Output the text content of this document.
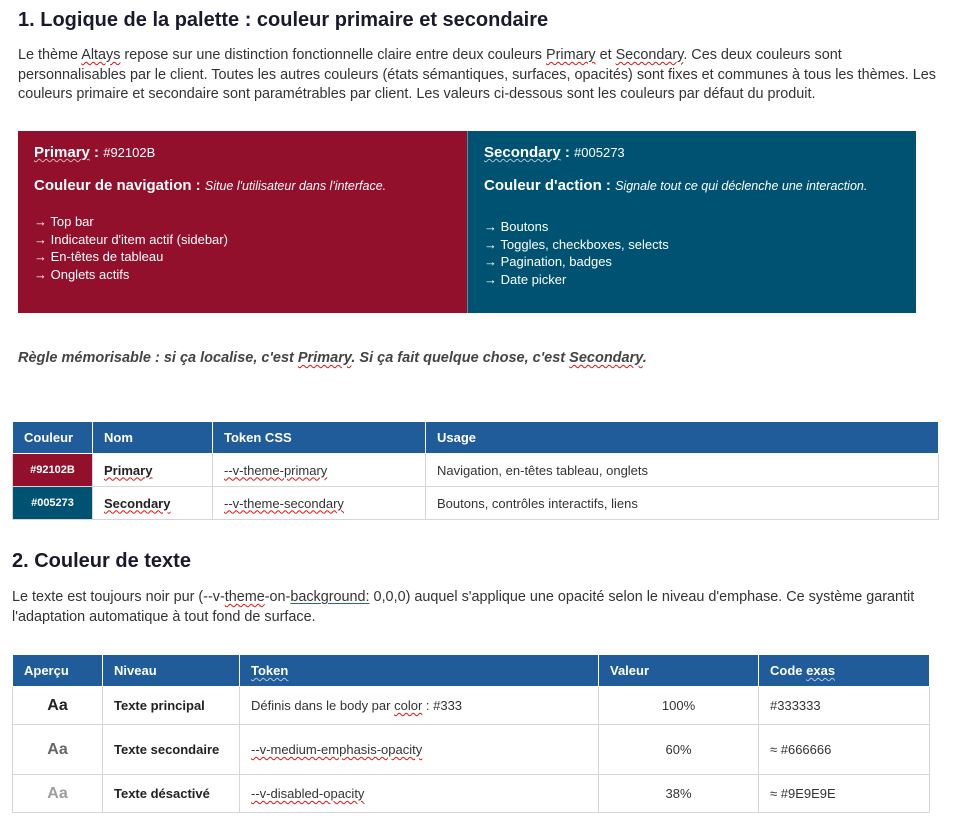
1. Logique de la palette : couleur primaire et secondaire
Le thème Altays repose sur une distinction fonctionnelle claire entre deux couleurs Primary et Secondary. Ces deux couleurs sont personnalisables par le client. Toutes les autres couleurs (états sémantiques, surfaces, opacités) sont fixes et communes à tous les thèmes. Les couleurs primaire et secondaire sont paramétrables par client. Les valeurs ci-dessous sont les couleurs par défaut du produit.
Primary : #92102B
Couleur de navigation : Situe l'utilisateur dans l'interface.
→ Top bar
→ Indicateur d'item actif (sidebar)
→ En-têtes de tableau
→ Onglets actifs
Secondary : #005273
Couleur d'action : Signale tout ce qui déclenche une interaction.
→ Boutons
→ Toggles, checkboxes, selects
→ Pagination, badges
→ Date picker
Règle mémorisable : si ça localise, c'est Primary. Si ça fait quelque chose, c'est Secondary.
Couleur	Nom	Token CSS	Usage
#92102B	Primary	--v-theme-primary	Navigation, en-têtes tableau, onglets
#005273	Secondary	--v-theme-secondary	Boutons, contrôles interactifs, liens
2. Couleur de texte
Le texte est toujours noir pur (--v-theme-on-background: 0,0,0) auquel s'applique une opacité selon le niveau d'emphase. Ce système garantit l'adaptation automatique à tout fond de surface.
Aperçu	Niveau	Token	Valeur	Code exas
Aa	Texte principal	Définis dans le body par color : #333	100%	#333333
Aa	Texte secondaire	--v-medium-emphasis-opacity	60%	≈ #666666
Aa	Texte désactivé	--v-disabled-opacity	38%	≈ #9E9E9E
